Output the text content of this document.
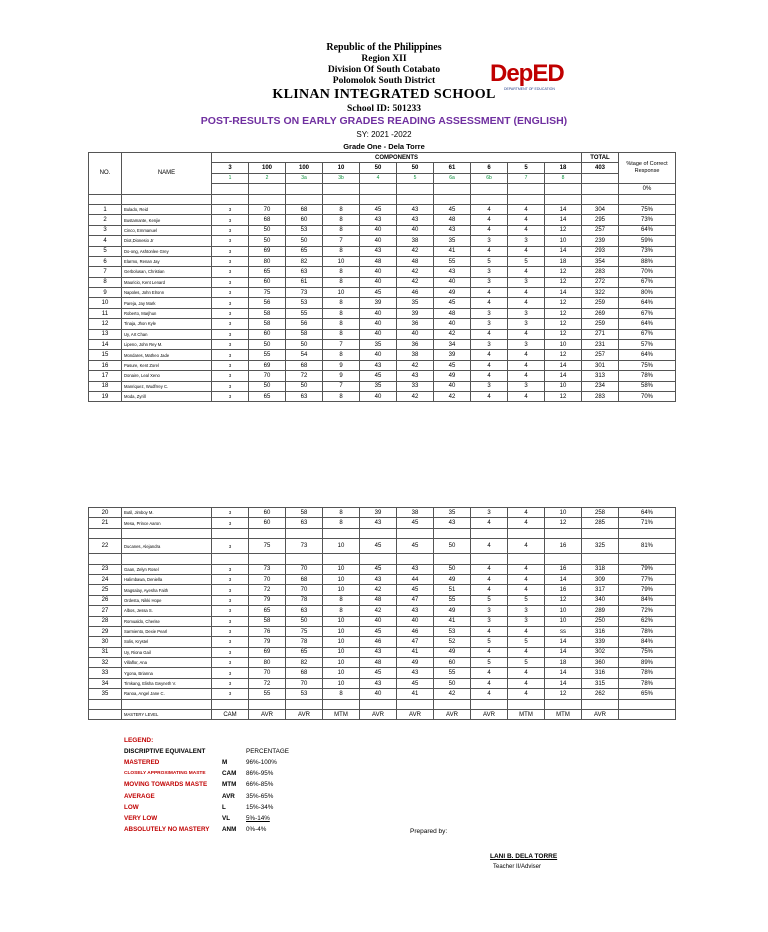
Republic of the Philippines
Region XII
Division Of South Cotabato
Polomolok South District
KLINAN INTEGRATED SCHOOL
School ID: 501233
POST-RESULTS ON EARLY GRADES READING ASSESSMENT (ENGLISH)
SY: 2021 -2022
Grade One - Dela Torre
DepED
DEPARTMENT OF EDUCATION
NO.	NAME	COMPONENTS										TOTAL	%tage of Correct Response
		3	100	100	10	50	50	61	6	5	18	403	
		1	2	3a	3b	4	5	6a	6b	7	8		
													0%

1	Bulado, Reid	3	70	68	8	45	43	45	4	4	14	304	75%
2	Bustamante, Kenjie	3	68	60	8	43	43	48	4	4	14	295	73%
3	Cinco, Emmanuel	3	50	53	8	40	40	43	4	4	12	257	64%
4	Diot,Dionesio Jr	3	50	50	7	40	38	35	3	3	10	239	59%
5	Do-ong, Ashtonlee Grey	3	69	65	8	43	42	41	4	4	14	293	73%
6	Elarmo, Renan Jay	3	80	82	10	48	48	55	5	5	18	354	88%
7	Gerbolusan, Christian	3	65	63	8	40	42	43	3	4	12	283	70%
8	Mauricio, Kent Lenard	3	60	61	8	40	42	40	3	3	12	272	67%
9	Napoles, John Elronn	3	75	73	10	45	46	49	4	4	14	322	80%
10	Pareja, Jay Mark	3	56	53	8	39	35	45	4	4	12	259	64%
11	Roberto, Marjhun	3	58	55	8	40	39	48	3	3	12	269	67%
12	Tinaja, Jhon Kyle	3	58	56	8	40	36	40	3	3	12	259	64%
13	Uy, Art Chan	3	60	58	8	40	40	42	4	4	12	271	67%
14	Lipeno, John Rey M.	3	50	50	7	35	36	34	3	3	10	231	57%
15	Mondares, Matheo Jade	3	55	54	8	40	38	39	4	4	12	257	64%
16	Pasure, Kent Zorel	3	69	68	9	43	42	45	4	4	14	301	75%
17	Donaire, Leal Xeno	3	70	72	9	45	43	49	4	4	14	313	78%
18	Manriquez, Wudfrrey C.	3	50	50	7	35	33	40	3	3	10	234	58%
19	Moda, Zyrill	3	65	63	8	40	42	42	4	4	12	283	70%
20	Butil, Jimboy M.	3	60	58	8	39	38	35	3	4	10	258	64%
21	Mesa, Prince Aaron	3	60	63	8	43	45	43	4	4	12	285	71%

22	Ducanes, Alejandra	3	75	73	10	45	45	50	4	4	16	325	81%

23	Gaan, Zelyn Rosel	3	73	70	10	45	43	50	4	4	16	318	79%
24	Halimbawa, Deniella	3	70	68	10	43	44	49	4	4	14	309	77%
25	Magsalay, Ayesha Faith	3	72	70	10	42	45	51	4	4	16	317	79%
26	Ordesta, Nikki Hope	3	79	78	8	48	47	55	5	5	12	340	84%
27	Albos, Jessa S.	3	65	63	8	42	43	49	3	3	10	289	72%
28	Romualdo, Cherise	3	58	50	10	40	40	41	3	3	10	250	62%
29	Sarmiento, Dexie Pearl	3	76	75	10	45	46	53	4	4	ss	316	78%
30	Solis, Krystel	3	79	78	10	46	47	52	5	5	14	339	84%
31	Uy, Riona Gail	3	69	65	10	43	41	49	4	4	14	302	75%
32	Villaflor, Ana	3	80	82	10	48	49	60	5	5	18	360	89%
33	Ygona, Brianna	3	70	68	10	45	43	55	4	4	14	316	78%
34	Timkang, Elisha Gwyneth V.	3	72	70	10	43	45	50	4	4	14	315	78%
35	Ranoa, Angel Jane C.	3	55	53	8	40	41	42	4	4	12	262	65%

	MASTERY LEVEL	CAM	AVR	AVR	MTM	AVR	AVR	AVR	AVR	MTM	MTM	AVR	
LEGEND:
DISCRIPTIVE EQUIVALENT	PERCENTAGE
MASTERED	M	96%-100%
CLOSELY APPROXIMATING MASTE	CAM 86%-95%
MOVING TOWARDS MASTE MTM 66%-85%
AVERAGE	AVR 35%-65%
LOW	L	15%-34%
VERY LOW	VL	5%-14%
ABSOLUTELY NO MASTERY ANM 0%-4%	Prepared by:
LANI B. DELA TORRE
Teacher II/Adviser
